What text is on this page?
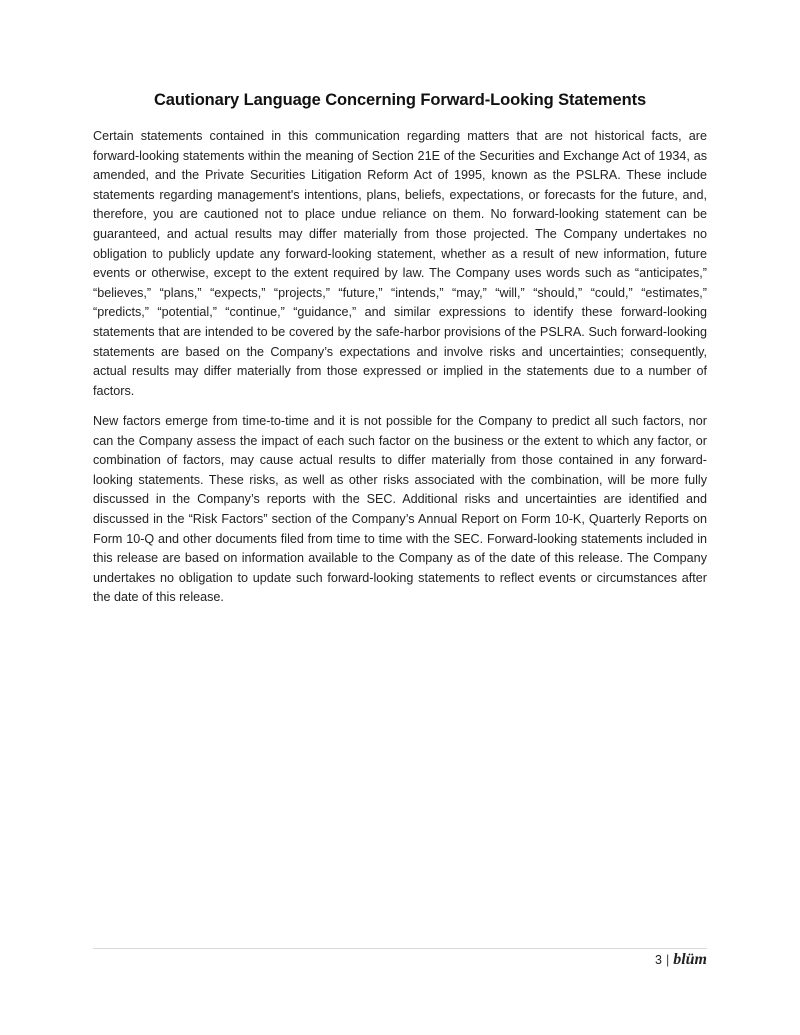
Cautionary Language Concerning Forward-Looking Statements

Certain statements contained in this communication regarding matters that are not historical facts, are forward-looking statements within the meaning of Section 21E of the Securities and Exchange Act of 1934, as amended, and the Private Securities Litigation Reform Act of 1995, known as the PSLRA. These include statements regarding management's intentions, plans, beliefs, expectations, or forecasts for the future, and, therefore, you are cautioned not to place undue reliance on them. No forward-looking statement can be guaranteed, and actual results may differ materially from those projected. The Company undertakes no obligation to publicly update any forward-looking statement, whether as a result of new information, future events or otherwise, except to the extent required by law. The Company uses words such as “anticipates,” “believes,” “plans,” “expects,” “projects,” “future,” “intends,” “may,” “will,” “should,” “could,” “estimates,” “predicts,” “potential,” “continue,” “guidance,” and similar expressions to identify these forward-looking statements that are intended to be covered by the safe-harbor provisions of the PSLRA. Such forward-looking statements are based on the Company’s expectations and involve risks and uncertainties; consequently, actual results may differ materially from those expressed or implied in the statements due to a number of factors.

New factors emerge from time-to-time and it is not possible for the Company to predict all such factors, nor can the Company assess the impact of each such factor on the business or the extent to which any factor, or combination of factors, may cause actual results to differ materially from those contained in any forward-looking statements. These risks, as well as other risks associated with the combination, will be more fully discussed in the Company’s reports with the SEC. Additional risks and uncertainties are identified and discussed in the “Risk Factors” section of the Company’s Annual Report on Form 10-K, Quarterly Reports on Form 10-Q and other documents filed from time to time with the SEC. Forward-looking statements included in this release are based on information available to the Company as of the date of this release. The Company undertakes no obligation to update such forward-looking statements to reflect events or circumstances after the date of this release.

3 | blüm
